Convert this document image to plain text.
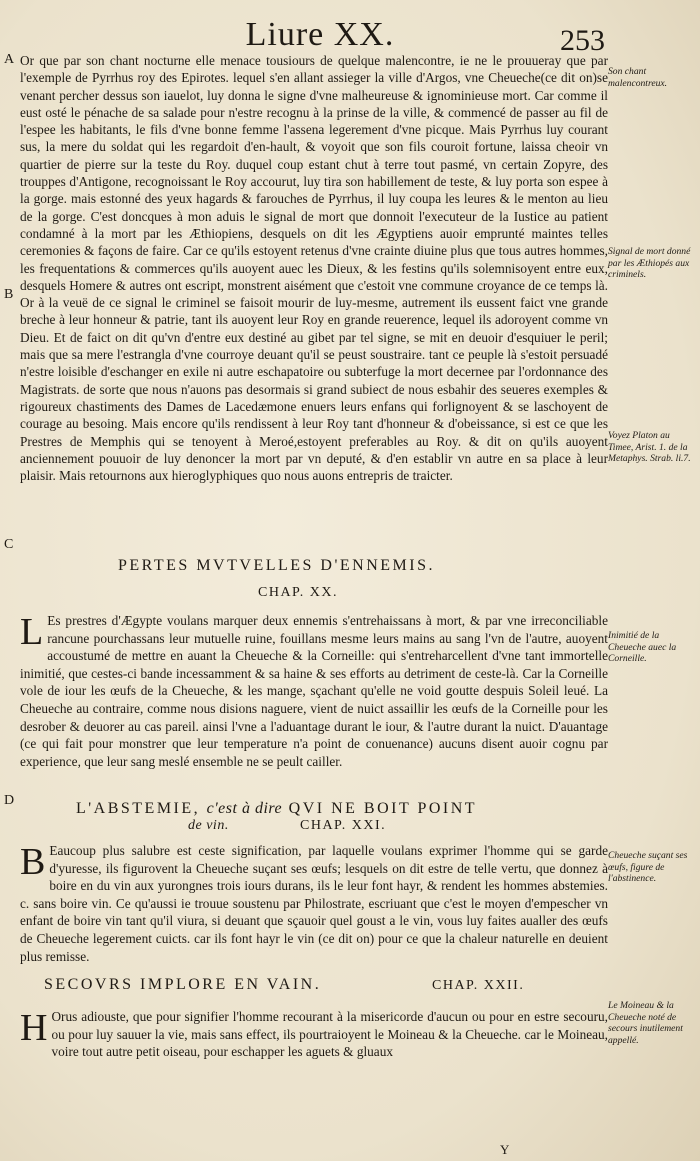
Liure XX.	253
A
B
C
D

Or que par son chant nocturne elle menace tousiours de quelque malencontre, ie ne le prouueray que par l'exemple de Pyrrhus roy des Epirotes. lequel s'en allant assieger la ville d'Argos, vne Cheueche(ce dit on)se venant percher dessus son iauelot, luy donna le signe d'vne malheureuse & ignominieuse mort. Car comme il eust osté le pénache de sa salade pour n'estre recognu à la prinse de la ville, & commencé de passer au fil de l'espee les habitants, le fils d'vne bonne femme l'assena legerement d'vne picque. Mais Pyrrhus luy courant sus, la mere du soldat qui les regardoit d'en-hault, & voyoit que son fils couroit fortune, laissa cheoir vn quartier de pierre sur la teste du Roy. duquel coup estant chut à terre tout pasmé, vn certain Zopyre, des trouppes d'Antigone, recognoissant le Roy accourut, luy tira son habillement de teste, & luy porta son espee à la gorge. mais estonné des yeux hagards & farouches de Pyrrhus, il luy coupa les leures & le menton au lieu de la gorge. C'est doncques à mon aduis le signal de mort que donnoit l'executeur de la Iustice au patient condamné à la mort par les Æthiopiens, desquels on dit les Ægyptiens auoir emprunté maintes telles ceremonies & façons de faire. Car ce qu'ils estoyent retenus d'vne crainte diuine plus que tous autres hommes, les frequentations & commerces qu'ils auoyent auec les Dieux, & les festins qu'ils solemnisoyent entre eux, desquels Homere & autres ont escript, monstrent aisément que c'estoit vne commune croyance de ce temps là. Or à la veuë de ce signal le criminel se faisoit mourir de luy-mesme, autrement ils eussent faict vne grande breche à leur honneur & patrie, tant ils auoyent leur Roy en grande reuerence, lequel ils adoroyent comme vn Dieu. Et de faict on dit qu'vn d'entre eux destiné au gibet par tel signe, se mit en deuoir d'esquiuer le peril; mais que sa mere l'estrangla d'vne courroye deuant qu'il se peust soustraire. tant ce peuple là s'estoit persuadé n'estre loisible d'eschanger en exile ni autre eschapatoire ou subterfuge la mort decernee par l'ordonnance des Magistrats. de sorte que nous n'auons pas desormais si grand subiect de nous esbahir des seueres exemples & rigoureux chastiments des Dames de Lacedæmone enuers leurs enfans qui forlignoyent & se laschoyent de courage au besoing. Mais encore qu'ils rendissent à leur Roy tant d'honneur & d'obeissance, si est ce que les Prestres de Memphis qui se tenoyent à Meroé,estoyent preferables au Roy. & dit on qu'ils auoyent anciennement pouuoir de luy denoncer la mort par vn deputé, & d'en establir vn autre en sa place à leur plaisir. Mais retournons aux hieroglyphiques quo nous auons entrepris de traicter.

Son chant malencontreux.
Signal de mort donné par les Æthiopés aux criminels.
Voyez Platon au Timee, Arist. 1. de la Metaphys. Strab. li.7.
Inimitié de la Cheueche auec la Corneille.
Cheueche suçant ses œufs, figure de l'abstinence.
Le Moineau & la Cheueche noté de secours inutilement appellé.
PERTES MVTVELLES D'ENNEMIS.
CHAP. XX.
L Es prestres d'Ægypte voulans marquer deux ennemis s'entrehaissans à mort, & par vne irreconciliable rancune pourchassans leur mutuelle ruine, fouillans mesme leurs mains au sang l'vn de l'autre, auoyent accoustumé de mettre en auant la Cheueche & la Corneille: qui s'entreharcellent d'vne tant immortelle inimitié, que cestes-ci bande incessamment & sa haine & ses efforts au detriment de ceste-là. Car la Corneille vole de iour les œufs de la Cheueche, & les mange, sçachant qu'elle ne void goutte despuis Soleil leué. La Cheueche au contraire, comme nous disions naguere, vient de nuict assaillir les œufs de la Corneille pour les desrober & deuorer au cas pareil. ainsi l'vne a l'aduantage durant le iour, & l'autre durant la nuict. D'auantage (ce qui fait pour monstrer que leur temperature n'a point de conuenance) aucuns disent auoir cognu par experience, que leur sang meslé ensemble ne se peult cailler.
L'ABSTEMIE, c'est à dire QVI NE BOIT POINT
de vin.	CHAP. XXI.
B Eaucoup plus salubre est ceste signification, par laquelle voulans exprimer l'homme qui se garde d'yuresse, ils figurovent la Cheueche suçant ses œufs; lesquels on dit estre de telle vertu, que donnez à boire en du vin aux yurongnes trois iours durans, ils le leur font hayr, & rendent les hommes abstemies. c. sans boire vin. Ce qu'aussi ie trouue soustenu par Philostrate, escriuant que c'est le moyen d'empescher vn enfant de boire vin tant qu'il viura, si deuant que sçauoir quel goust a le vin, vous luy faites aualler des œufs de Cheueche legerement cuicts. car ils font hayr le vin (ce dit on) pour ce que la chaleur naturelle en deuient plus remisse.
SECOVRS IMPLORE EN VAIN.	CHAP. XXII.
H Orus adiouste, que pour signifier l'homme recourant à la misericorde d'aucun ou pour en estre secouru, ou pour luy sauuer la vie, mais sans effect, ils pourtraioyent le Moineau & la Cheueche. car le Moineau, voire tout autre petit oiseau, pour eschapper les aguets & gluaux
Y
